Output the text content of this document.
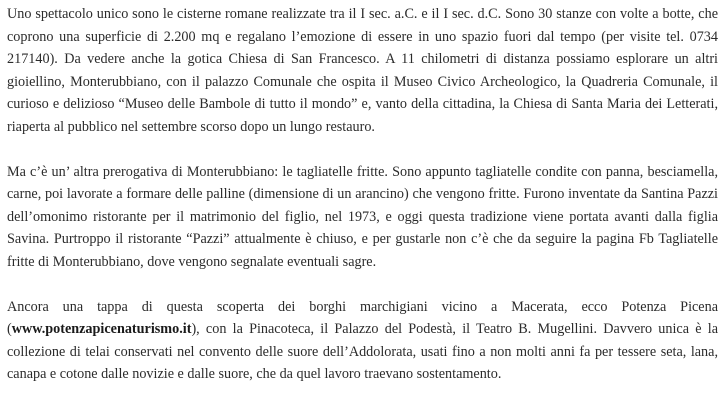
Uno spettacolo unico sono le cisterne romane realizzate tra il I sec. a.C. e il I sec. d.C. Sono 30 stanze con volte a botte, che coprono una superficie di 2.200 mq e regalano l’emozione di essere in uno spazio fuori dal tempo (per visite tel. 0734 217140). Da vedere anche la gotica Chiesa di San Francesco. A 11 chilometri di distanza possiamo esplorare un altri gioiellino, Monterubbiano, con il palazzo Comunale che ospita il Museo Civico Archeologico, la Quadreria Comunale, il curioso e delizioso “Museo delle Bambole di tutto il mondo” e, vanto della cittadina, la Chiesa di Santa Maria dei Letterati, riaperta al pubblico nel settembre scorso dopo un lungo restauro.

Ma c’è un’ altra prerogativa di Monterubbiano: le tagliatelle fritte. Sono appunto tagliatelle condite con panna, besciamella, carne, poi lavorate a formare delle palline (dimensione di un arancino) che vengono fritte. Furono inventate da Santina Pazzi dell’omonimo ristorante per il matrimonio del figlio, nel 1973, e oggi questa tradizione viene portata avanti dalla figlia Savina. Purtroppo il ristorante “Pazzi” attualmente è chiuso, e per gustarle non c’è che da seguire la pagina Fb Tagliatelle fritte di Monterubbiano, dove vengono segnalate eventuali sagre.

Ancora una tappa di questa scoperta dei borghi marchigiani vicino a Macerata, ecco Potenza Picena (www.potenzapicenaturismo.it), con la Pinacoteca, il Palazzo del Podestà, il Teatro B. Mugellini. Davvero unica è la collezione di telai conservati nel convento delle suore dell’Addolorata, usati fino a non molti anni fa per tessere seta, lana, canapa e cotone dalle novizie e dalle suore, che da quel lavoro traevano sostentamento.
